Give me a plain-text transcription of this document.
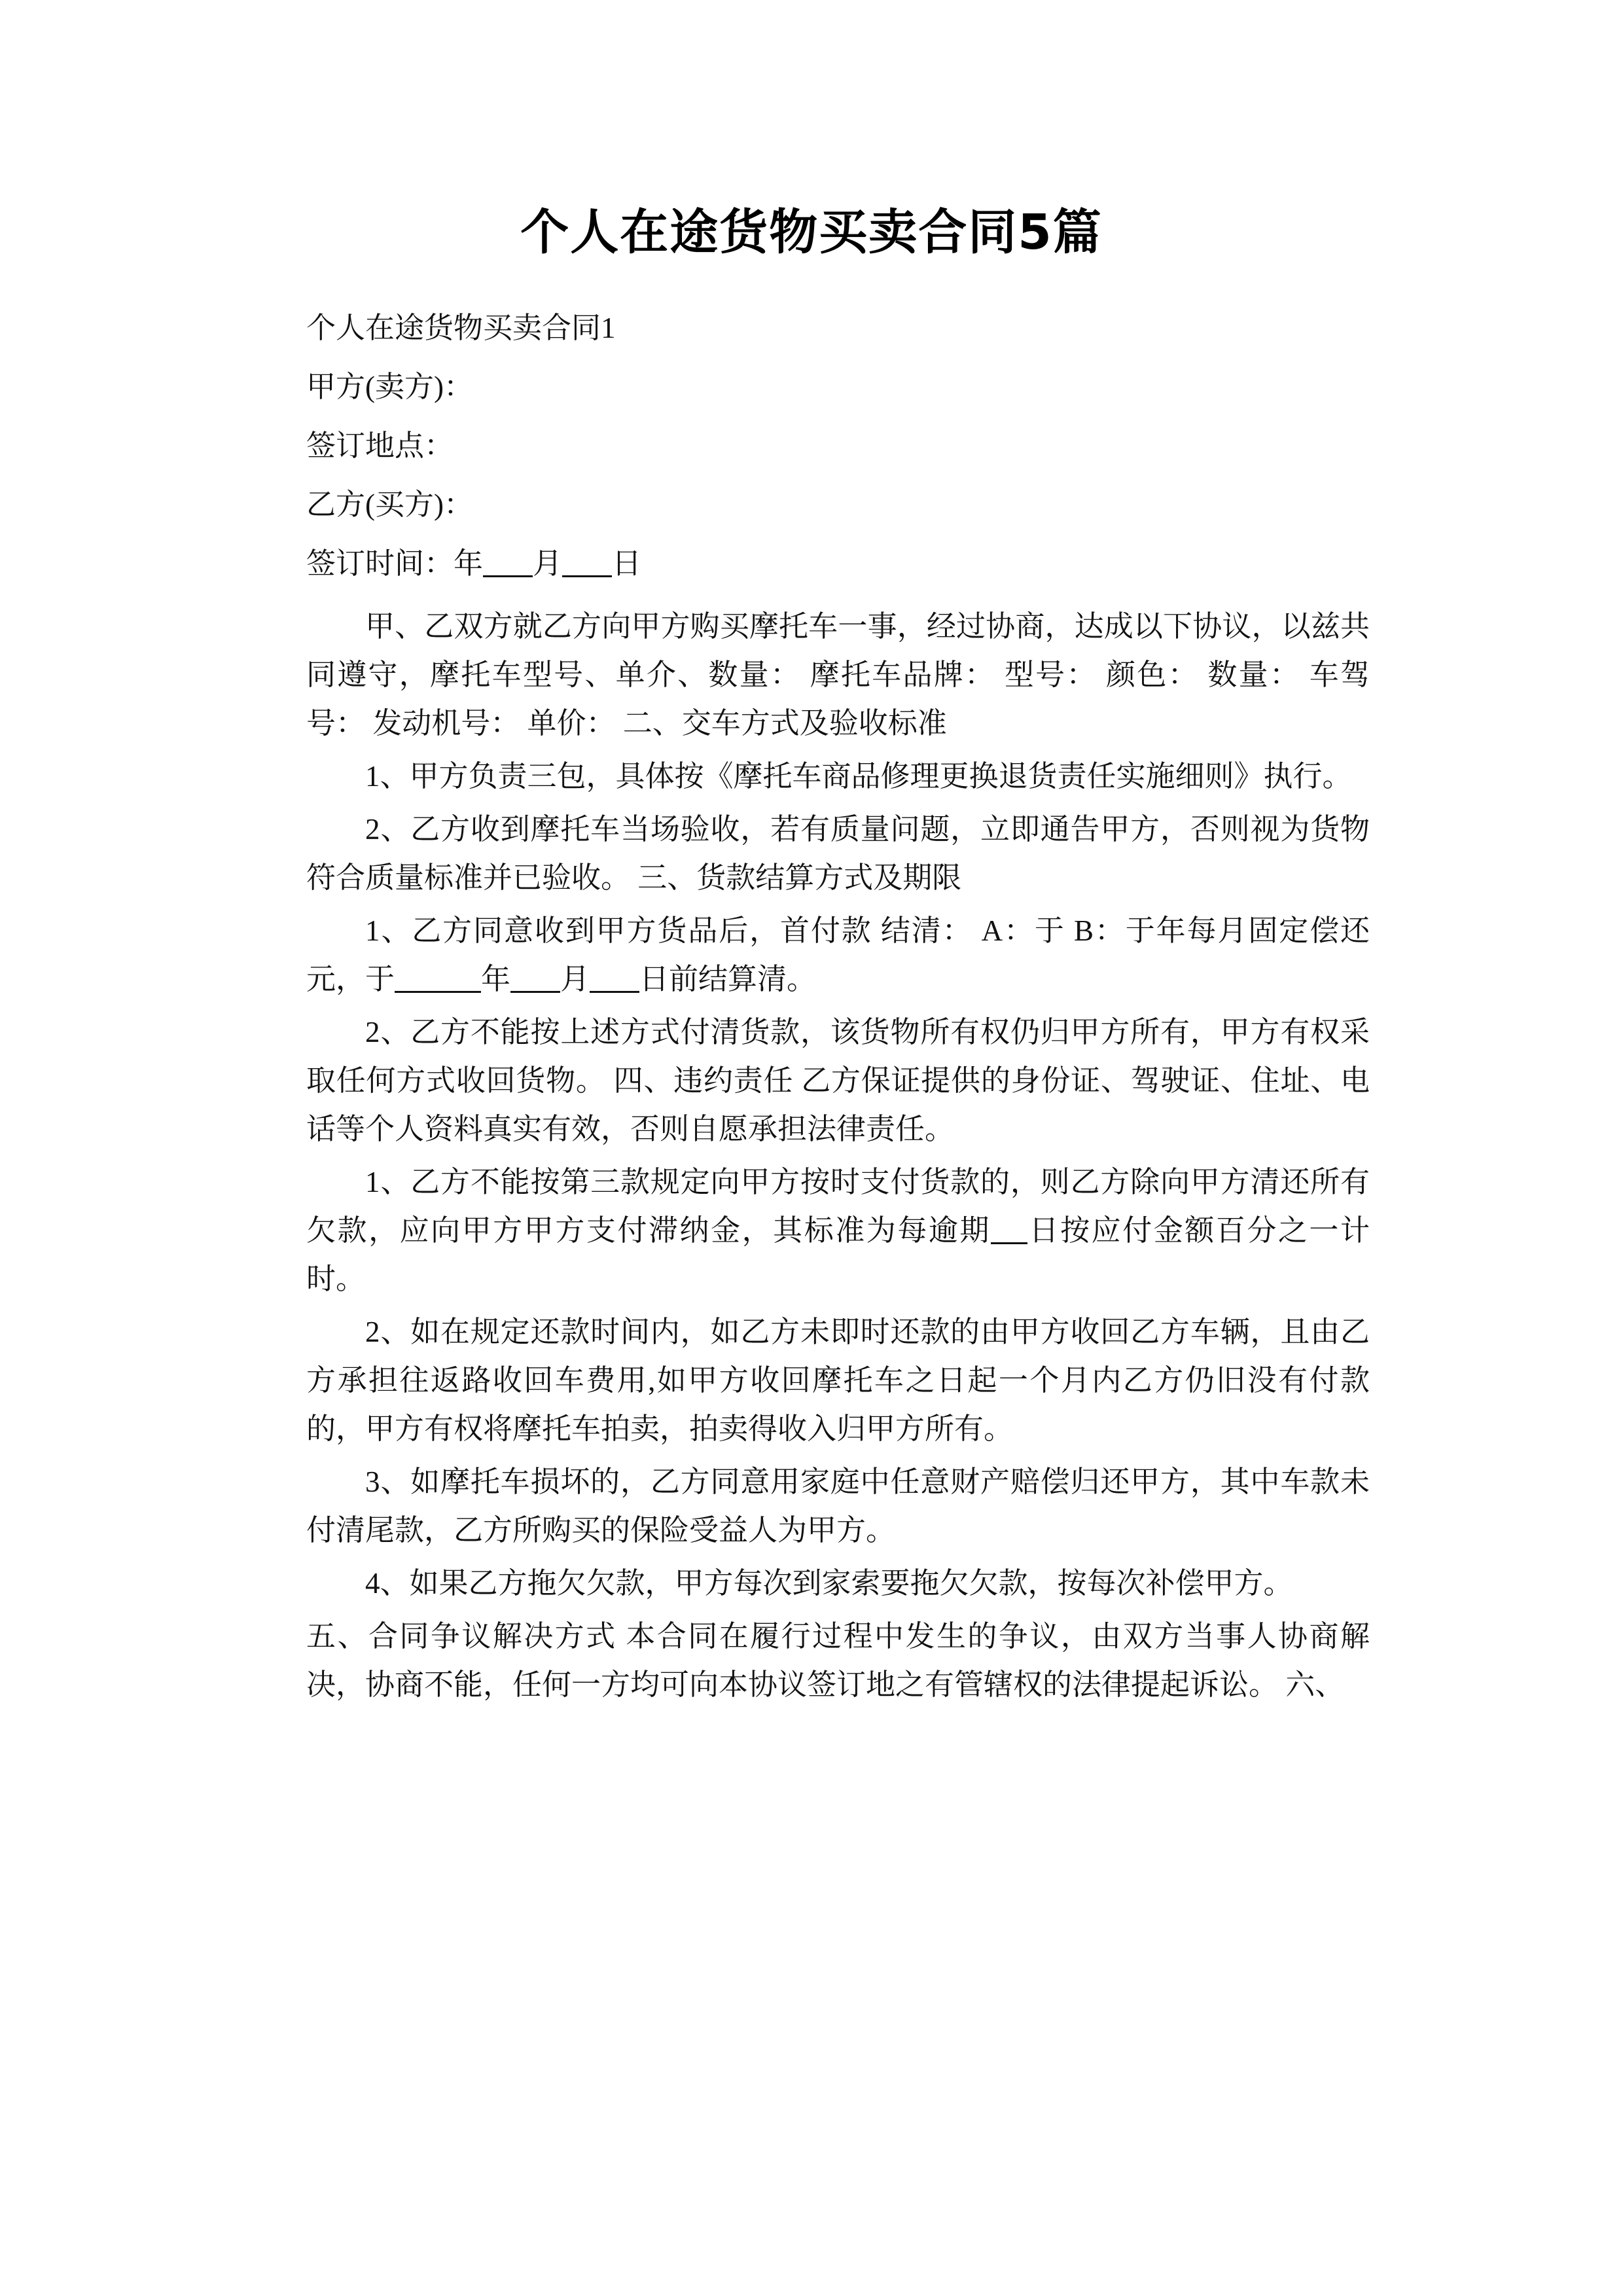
个人在途货物买卖合同5篇

个人在途货物买卖合同1

甲方(卖方)：

签订地点：

乙方(买方)：

签订时间：年 月 日

甲、乙双方就乙方向甲方购买摩托车一事，经过协商，达成以下协议，以兹共同遵守，摩托车型号、单介、数量： 摩托车品牌： 型号： 颜色： 数量： 车驾号： 发动机号： 单价： 二、交车方式及验收标准

1、甲方负责三包，具体按《摩托车商品修理更换退货责任实施细则》执行。

2、乙方收到摩托车当场验收，若有质量问题，立即通告甲方，否则视为货物符合质量标准并已验收。 三、货款结算方式及期限

1、乙方同意收到甲方货品后，首付款 结清： A：于 B：于年每月固定偿还元，于	年 月 日前结算清。

2、乙方不能按上述方式付清货款，该货物所有权仍归甲方所有，甲方有权采取任何方式收回货物。 四、违约责任 乙方保证提供的身份证、驾驶证、住址、电话等个人资料真实有效，否则自愿承担法律责任。

1、乙方不能按第三款规定向甲方按时支付货款的，则乙方除向甲方清还所有欠款，应向甲方甲方支付滞纳金，其标准为每逾期 日按应付金额百分之一计时。

2、如在规定还款时间内，如乙方未即时还款的由甲方收回乙方车辆，且由乙方承担往返路收回车费用,如甲方收回摩托车之日起一个月内乙方仍旧没有付款的，甲方有权将摩托车拍卖，拍卖得收入归甲方所有。

3、如摩托车损坏的，乙方同意用家庭中任意财产赔偿归还甲方，其中车款未付清尾款，乙方所购买的保险受益人为甲方。

4、如果乙方拖欠欠款，甲方每次到家索要拖欠欠款，按每次补偿甲方。

五、合同争议解决方式 本合同在履行过程中发生的争议，由双方当事人协商解决，协商不能，任何一方均可向本协议签订地之有管辖权的法律提起诉讼。 六、
